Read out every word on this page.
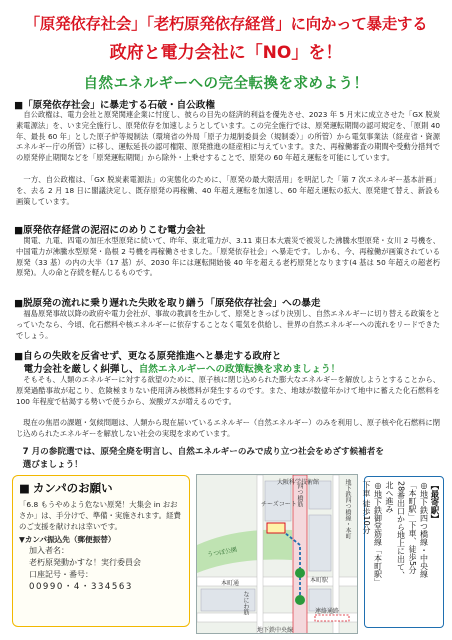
「原発依存社会」「老朽原発依存経営」に向かって暴走する
政府と電力会社に「NO」を！
自然エネルギーへの完全転換を求めよう！
■「原発依存社会」に暴走する石破・自公政権
　自公政権は、電力会社と原発関連企業に忖度し、彼らの目先の経済的利益を優先させ、2023 年 5 月末に成立させた「GX 脱炭素電源法」を、いま完全施行し、原発依存を加速しようとしています。この完全施行では、原発運転期間の認可規定を、「原則 40 年、最長 60 年」とした原子炉等規制法（環境省の外局「原子力規制委員会（規制委）」の所管）から電気事業法（経産省・資源エネルギー庁の所管）に移し、運転延長の認可権限、原発推進の経産相に与えています。また、再稼働審査の期間や受動分措判での原発停止期間などを「原発運転期間」から除外・上乗せすることで、原発の 60 年超え運転を可能にしています。
　一方、自公政権は、「GX 脱炭素電源法」の実態化のために、「原発の最大限活用」を明記した「第 7 次エネルギー基本計画」を、去る 2 月 18 日に閣議決定し、既存原発の再稼働、40 年超え運転を加速し、60 年超え運転の拡大、原発建て替え、新設も画策しています。
■原発依存経営の泥沼にのめりこむ電力会社
　関電、九電、四電の加圧水型原発に続いて、昨年、東北電力が、3.11 東日本大震災で被災した沸騰水型原発・女川 2 号機を、中国電力が沸騰水型原発・島根 2 号機を再稼働させました。「原発依存社会」へ暴走です。しかも、今、再稼働が画策されている原発（33 基）の内の大半（17 基）が、2030 年には運転開始後 40 年を超える老朽原発となります(4 基は 50 年超えの超老朽原発)。人の命と存続を軽んじるものです。
■脱原発の流れに乗り遅れた失敗を取り繕う「原発依存社会」への暴走
　福島原発事故以降の政府や電力会社が、事故の教訓を生かして、原発ときっぱり決別し、自然エネルギーに切り替える政策をとっていたなら、今頃、化石燃料や核エネルギーに依存することなく電気を供給し、世界の自然エネルギーへの流れをリードできたでしょう。
■自らの失敗を反省せず、更なる原発推進へと暴走する政府と
　電力会社を厳しく糾弾し、自然エネルギーへの政策転換を求めましょう！
　そもそも、人類のエネルギーに対する欲望のために、原子核に閉じ込められた膨大なエネルギーを解放しようとすることから、原発過酷事故が起こり、危険極まりない使用済み核燃料が発生するのです。また、地球が数億年かけて地中に蓄えた化石燃料を 100 年程度で枯渇する勢いで使うから、炭酸ガスが増えるのです。
　現在の焦眉の課題・気候問題は、人類から現在届いているエネルギー（自然エネルギー）のみを利用し、原子核や化石燃料に閉じ込められたエネルギーを解放しない社会の実現を求めています。
　7 月の参院選では、原発全廃を明言し、自然エネルギーのみで成り立つ社会をめざす候補者を
　選びましょう！
■ カンパのお願い
「6.8 もうやめよう危ない原発！大集会 in おおさか」は、手分けで、準備・実施されます。経費のご支援を献けれは幸いです。
▼カンパ振込先（郵便振替）
加入者名：
老朽原発動かすな！実行委員会
口座記号・番号：
00990・4・334563
大阪科学技術館
チーズコート
うつぼ公園
本町通
なにわ筋
地下鉄中央線
本町駅
地下鉄四つ橋線・本町
連絡通路
四つ橋筋	【最寄駅】
◎地下鉄四つ橋線・中央線
「本町駅」下車、徒歩5分
28番出口から地上に出て、
北へ進み
◎地下鉄御堂筋線「本町駅」
下車 徒歩10分
